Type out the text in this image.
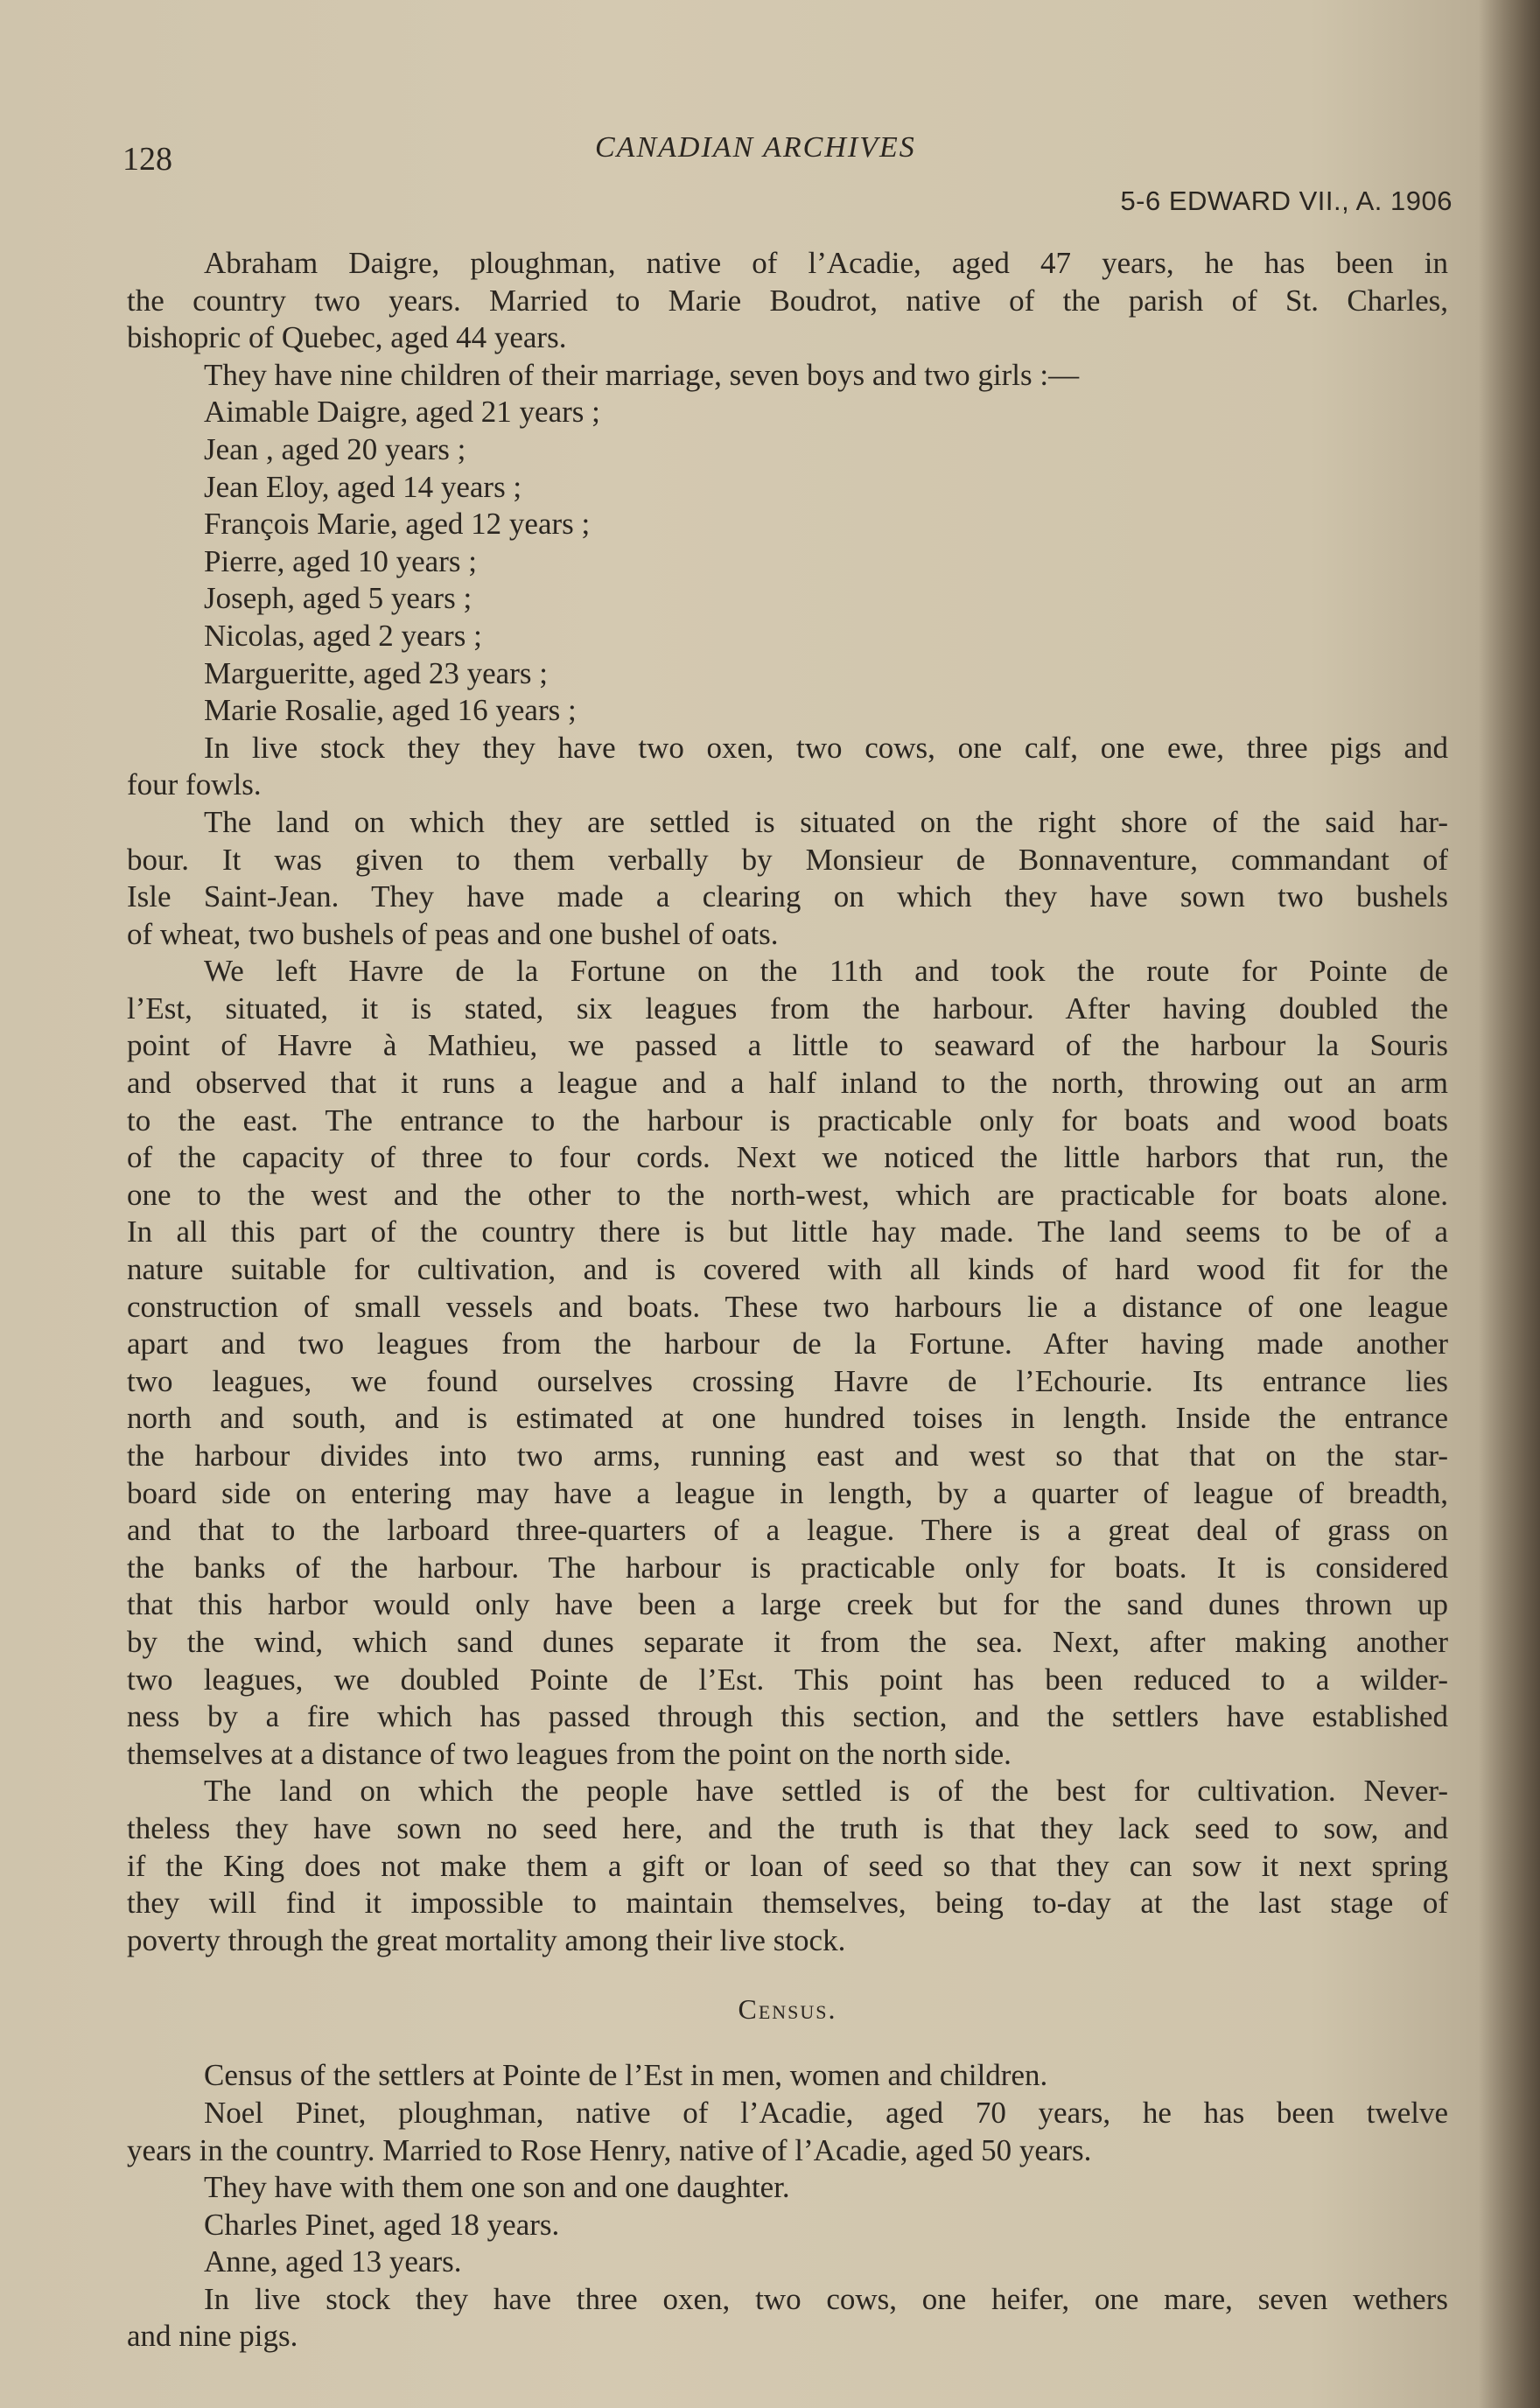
128	CANADIAN ARCHIVES
5-6 EDWARD VII., A. 1906
Abraham Daigre, ploughman, native of l’Acadie, aged 47 years, he has been in
the country two years. Married to Marie Boudrot, native of the parish of St. Charles,
bishopric of Quebec, aged 44 years.
They have nine children of their marriage, seven boys and two girls :—
Aimable Daigre, aged 21 years ;
Jean , aged 20 years ;
Jean Eloy, aged 14 years ;
François Marie, aged 12 years ;
Pierre, aged 10 years ;
Joseph, aged 5 years ;
Nicolas, aged 2 years ;
Margueritte, aged 23 years ;
Marie Rosalie, aged 16 years ;
In live stock they they have two oxen, two cows, one calf, one ewe, three pigs and
four fowls.
The land on which they are settled is situated on the right shore of the said har-
bour. It was given to them verbally by Monsieur de Bonnaventure, commandant of
Isle Saint-Jean. They have made a clearing on which they have sown two bushels
of wheat, two bushels of peas and one bushel of oats.
We left Havre de la Fortune on the 11th and took the route for Pointe de
l’Est, situated, it is stated, six leagues from the harbour. After having doubled the
point of Havre à Mathieu, we passed a little to seaward of the harbour la Souris
and observed that it runs a league and a half inland to the north, throwing out an arm
to the east. The entrance to the harbour is practicable only for boats and wood boats
of the capacity of three to four cords. Next we noticed the little harbors that run, the
one to the west and the other to the north-west, which are practicable for boats alone.
In all this part of the country there is but little hay made. The land seems to be of a
nature suitable for cultivation, and is covered with all kinds of hard wood fit for the
construction of small vessels and boats. These two harbours lie a distance of one league
apart and two leagues from the harbour de la Fortune. After having made another
two leagues, we found ourselves crossing Havre de l’Echourie. Its entrance lies
north and south, and is estimated at one hundred toises in length. Inside the entrance
the harbour divides into two arms, running east and west so that that on the star-
board side on entering may have a league in length, by a quarter of league of breadth,
and that to the larboard three-quarters of a league. There is a great deal of grass on
the banks of the harbour. The harbour is practicable only for boats. It is considered
that this harbor would only have been a large creek but for the sand dunes thrown up
by the wind, which sand dunes separate it from the sea. Next, after making another
two leagues, we doubled Pointe de l’Est. This point has been reduced to a wilder-
ness by a fire which has passed through this section, and the settlers have established
themselves at a distance of two leagues from the point on the north side.
The land on which the people have settled is of the best for cultivation. Never-
theless they have sown no seed here, and the truth is that they lack seed to sow, and
if the King does not make them a gift or loan of seed so that they can sow it next spring
they will find it impossible to maintain themselves, being to-day at the last stage of
poverty through the great mortality among their live stock.
Census.
Census of the settlers at Pointe de l’Est in men, women and children.
Noel Pinet, ploughman, native of l’Acadie, aged 70 years, he has been twelve
years in the country. Married to Rose Henry, native of l’Acadie, aged 50 years.
They have with them one son and one daughter.
Charles Pinet, aged 18 years.
Anne, aged 13 years.
In live stock they have three oxen, two cows, one heifer, one mare, seven wethers
and nine pigs.
